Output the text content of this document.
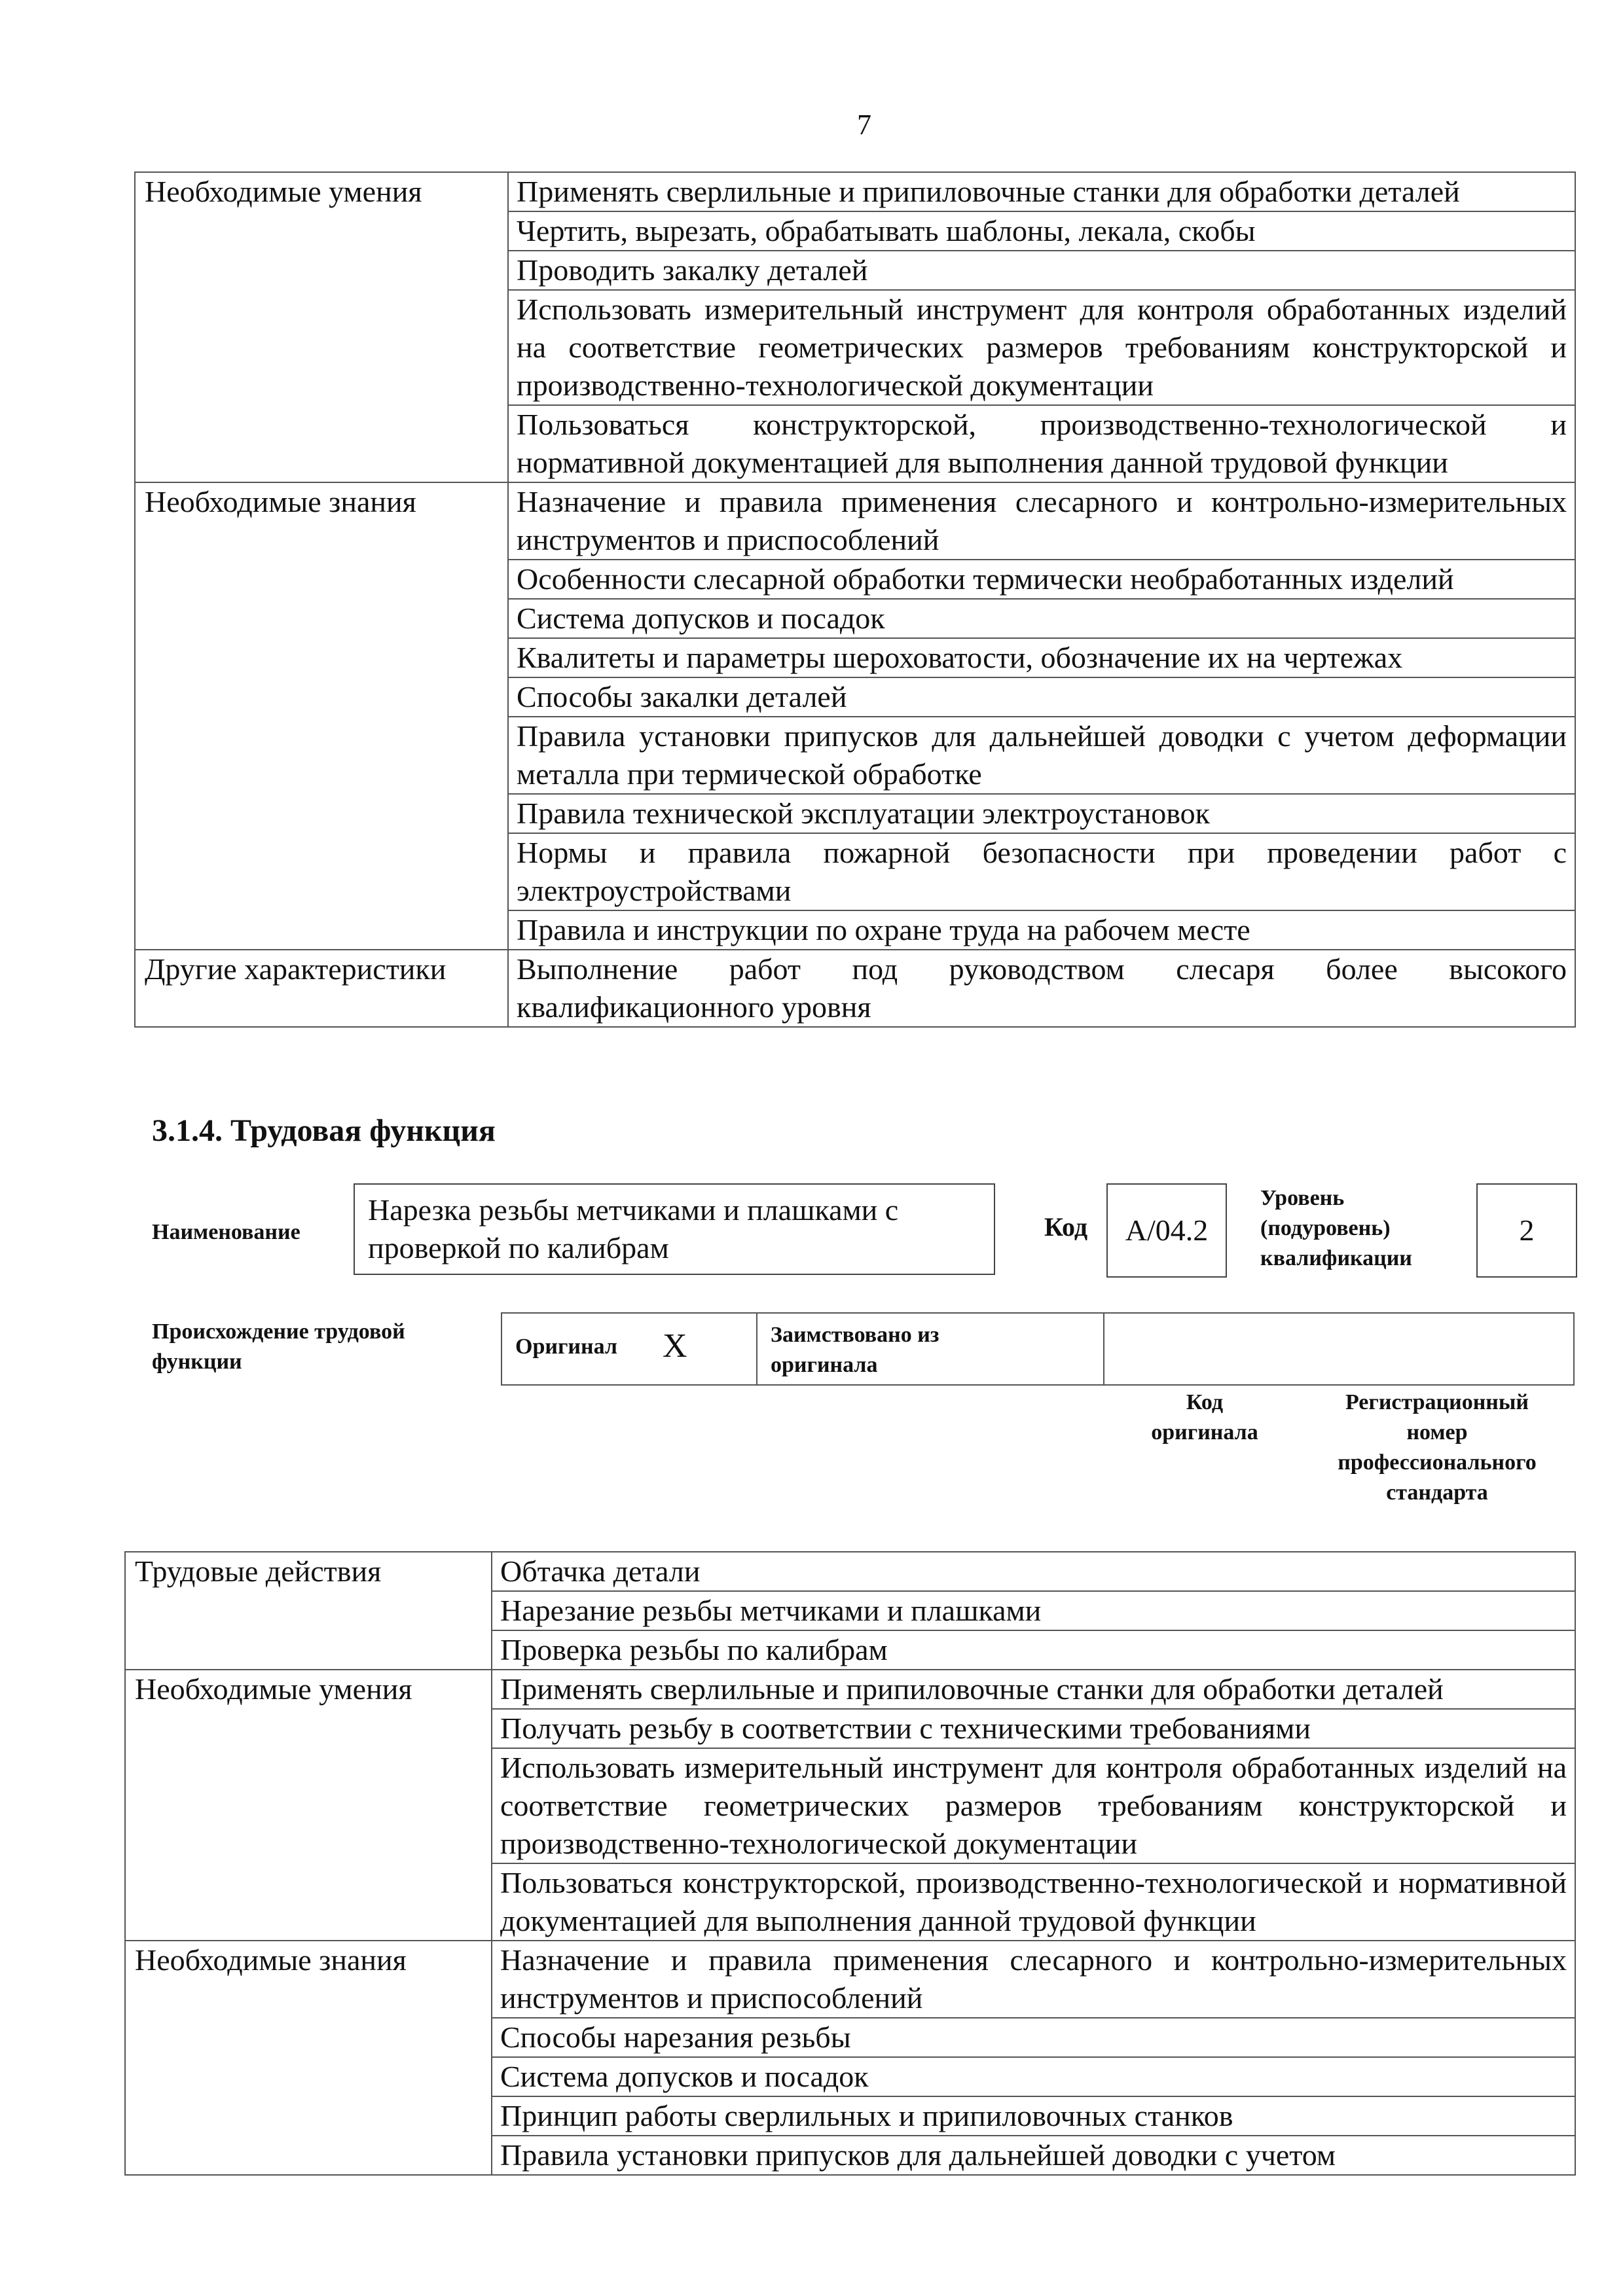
7
Необходимые умения	Применять сверлильные и припиловочные станки для обработки деталей
	Чертить, вырезать, обрабатывать шаблоны, лекала, скобы
	Проводить закалку деталей
	Использовать измерительный инструмент для контроля обработанных изделий на соответствие геометрических размеров требованиям конструкторской и производственно-технологической документации
	Пользоваться конструкторской, производственно-технологической и нормативной документацией для выполнения данной трудовой функции
Необходимые знания	Назначение и правила применения слесарного и контрольно-измерительных инструментов и приспособлений
	Особенности слесарной обработки термически необработанных изделий
	Система допусков и посадок
	Квалитеты и параметры шероховатости, обозначение их на чертежах
	Способы закалки деталей
	Правила установки припусков для дальнейшей доводки с учетом деформации металла при термической обработке
	Правила технической эксплуатации электроустановок
	Нормы и правила пожарной безопасности при проведении работ с электроустройствами
	Правила и инструкции по охране труда на рабочем месте
Другие характеристики	Выполнение работ под руководством слесаря более высокого квалификационного уровня
3.1.4. Трудовая функция
Наименование
Нарезка резьбы метчиками и плашками с проверкой по калибрам
Код A/04.2
Уровень
(подуровень)
квалификации
2
Происхождение трудовой
функции
Оригинал X	Заимствовано из
оригинала
Код
оригинала
Регистрационный
номер
профессионального
стандарта
Трудовые действия	Обтачка детали
	Нарезание резьбы метчиками и плашками
	Проверка резьбы по калибрам
Необходимые умения	Применять сверлильные и припиловочные станки для обработки деталей
	Получать резьбу в соответствии с техническими требованиями
	Использовать измерительный инструмент для контроля обработанных изделий на соответствие геометрических размеров требованиям конструкторской и производственно-технологической документации
	Пользоваться конструкторской, производственно-технологической и нормативной документацией для выполнения данной трудовой функции
Необходимые знания	Назначение и правила применения слесарного и контрольно-измерительных инструментов и приспособлений
	Способы нарезания резьбы
	Система допусков и посадок
	Принцип работы сверлильных и припиловочных станков
	Правила установки припусков для дальнейшей доводки с учетом
